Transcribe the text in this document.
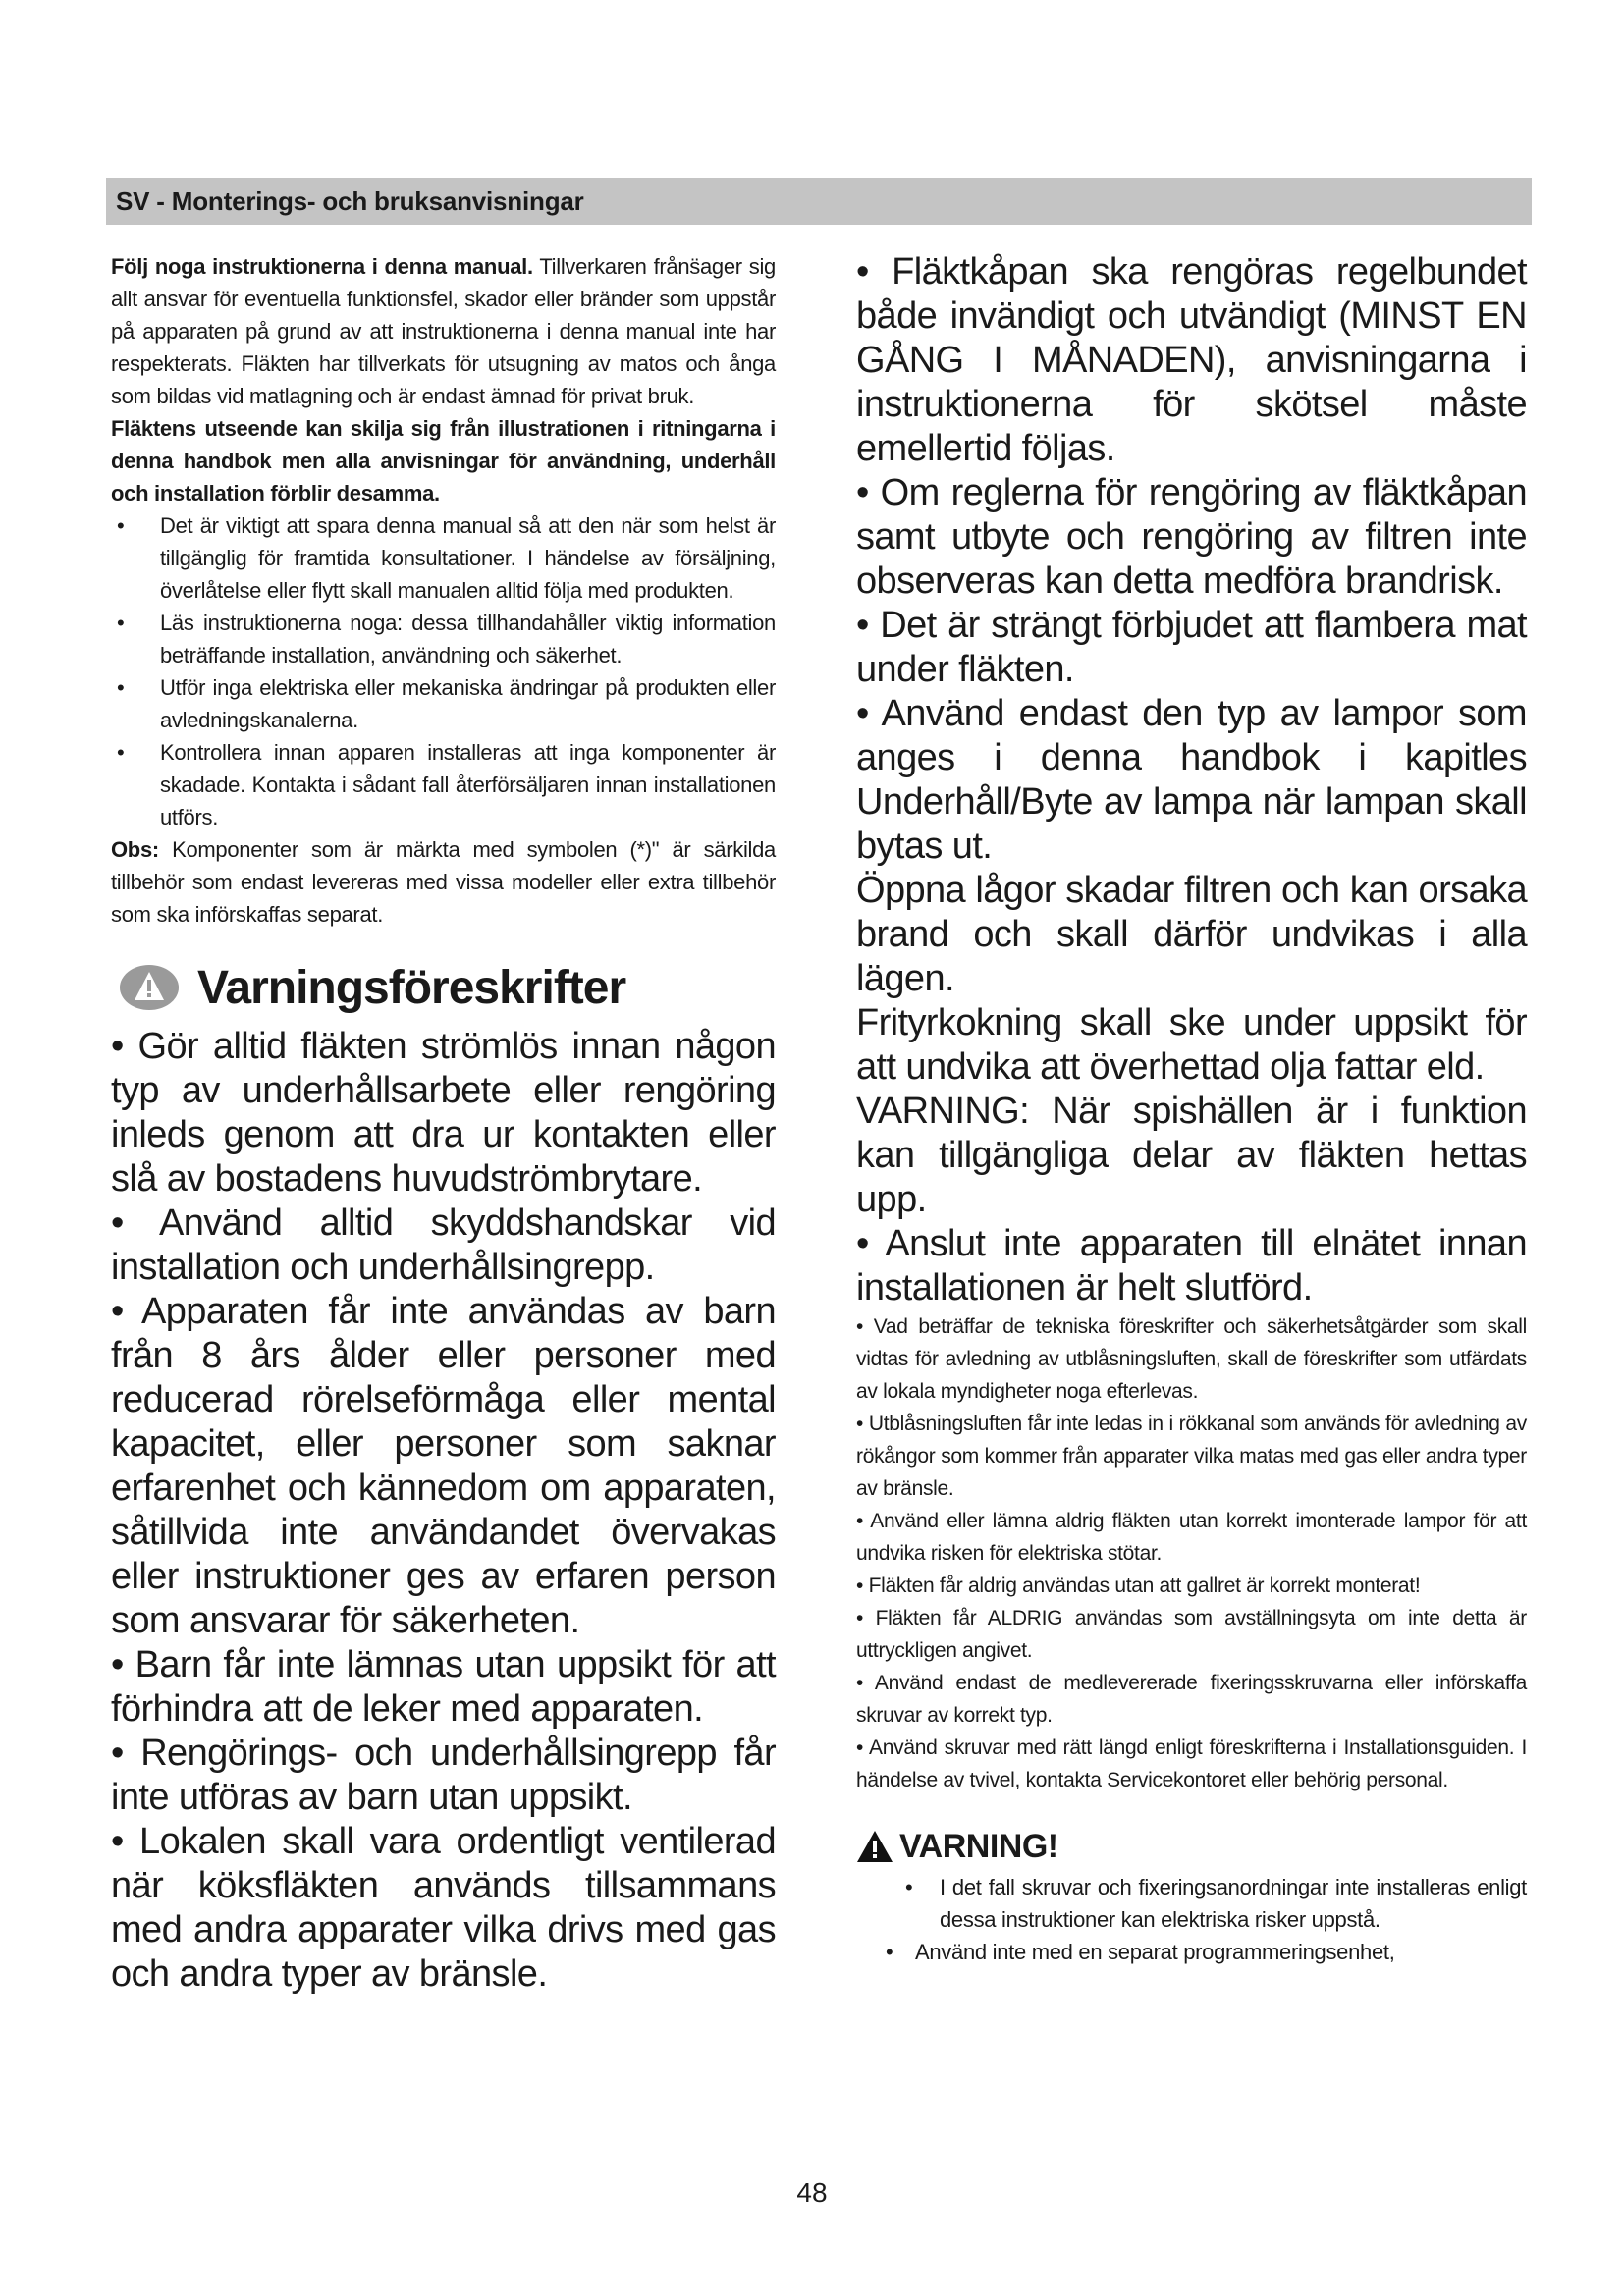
SV - Monterings- och bruksanvisningar

Följ noga instruktionerna i denna manual. Tillverkaren fråns̈ager sig allt ansvar för eventuella funktionsfel, skador eller bränder som uppstår på apparaten på grund av att instruktionerna i denna manual inte har respekterats. Fläkten har tillverkats för utsugning av matos och ånga som bildas vid matlagning och är endast ämnad för privat bruk.

Fläktens utseende kan skilja sig från illustrationen i ritningarna i denna handbok men alla anvisningar för användning, underhåll och installation förblir desamma.

• Det är viktigt att spara denna manual så att den när som helst är tillgänglig för framtida konsultationer. I händelse av försäljning, överlåtelse eller flytt skall manualen alltid följa med produkten.
• Läs instruktionerna noga: dessa tillhandahåller viktig information beträffande installation, användning och säkerhet.
• Utför inga elektriska eller mekaniska ändringar på produkten eller avledningskanalerna.
• Kontrollera innan apparen installeras att inga komponenter är skadade. Kontakta i sådant fall återförsäljaren innan installationen utförs.

Obs: Komponenter som är märkta med symbolen (*)" är särkilda tillbehör som endast levereras med vissa modeller eller extra tillbehör som ska införskaffas separat.

Varningsföreskrifter

• Gör alltid fläkten strömlös innan någon typ av underhållsarbete eller rengöring inleds genom att dra ur kontakten eller slå av bostadens huvudströmbrytare.

• Använd alltid skyddshandskar vid installation och underhållsingrepp.

• Apparaten får inte användas av barn från 8 års ålder eller personer med reducerad rörelseförmåga eller mental kapacitet, eller personer som saknar erfarenhet och kännedom om apparaten, såtillvida inte användandet övervakas eller instruktioner ges av erfaren person som ansvarar för säkerheten.

• Barn får inte lämnas utan uppsikt för att förhindra att de leker med apparaten.

• Rengörings- och underhållsingrepp får inte utföras av barn utan uppsikt.

• Lokalen skall vara ordentligt ventilerad när köksfläkten används tillsammans med andra apparater vilka drivs med gas och andra typer av bränsle.

• Fläktkåpan ska rengöras regelbundet både invändigt och utvändigt (MINST EN GÅNG I MÅNADEN), anvisningarna i instruktionerna för skötsel måste emellertid följas.

• Om reglerna för rengöring av fläktkåpan samt utbyte och rengöring av filtren inte observeras kan detta medföra brandrisk.

• Det är strängt förbjudet att flambera mat under fläkten.

• Använd endast den typ av lampor som anges i denna handbok i kapitles Underhåll/Byte av lampa när lampan skall bytas ut.

Öppna lågor skadar filtren och kan orsaka brand och skall därför undvikas i alla lägen.

Frityrkokning skall ske under uppsikt för att undvika att överhettad olja fattar eld.

VARNING: När spishällen är i funktion kan tillgängliga delar av fläkten hettas upp.

• Anslut inte apparaten till elnätet innan installationen är helt slutförd.

• Vad beträffar de tekniska föreskrifter och säkerhetsåtgärder som skall vidtas för avledning av utblåsningsluften, skall de föreskrifter som utfärdats av lokala myndigheter noga efterlevas.

• Utblåsningsluften får inte ledas in i rökkanal som används för avledning av rökångor som kommer från apparater vilka matas med gas eller andra typer av bränsle.

• Använd eller lämna aldrig fläkten utan korrekt imonterade lampor för att undvika risken för elektriska stötar.

• Fläkten får aldrig användas utan att gallret är korrekt monterat!

• Fläkten får ALDRIG användas som avställningsyta om inte detta är uttryckligen angivet.

• Använd endast de medlevererade fixeringsskruvarna eller införskaffa skruvar av korrekt typ.

• Använd skruvar med rätt längd enligt föreskrifterna i Installationsguiden. I händelse av tvivel, kontakta Servicekontoret eller behörig personal.

VARNING!
• I det fall skruvar och fixeringsanordningar inte installeras enligt dessa instruktioner kan elektriska risker uppstå.
• Använd inte med en separat programmeringsenhet,
48
